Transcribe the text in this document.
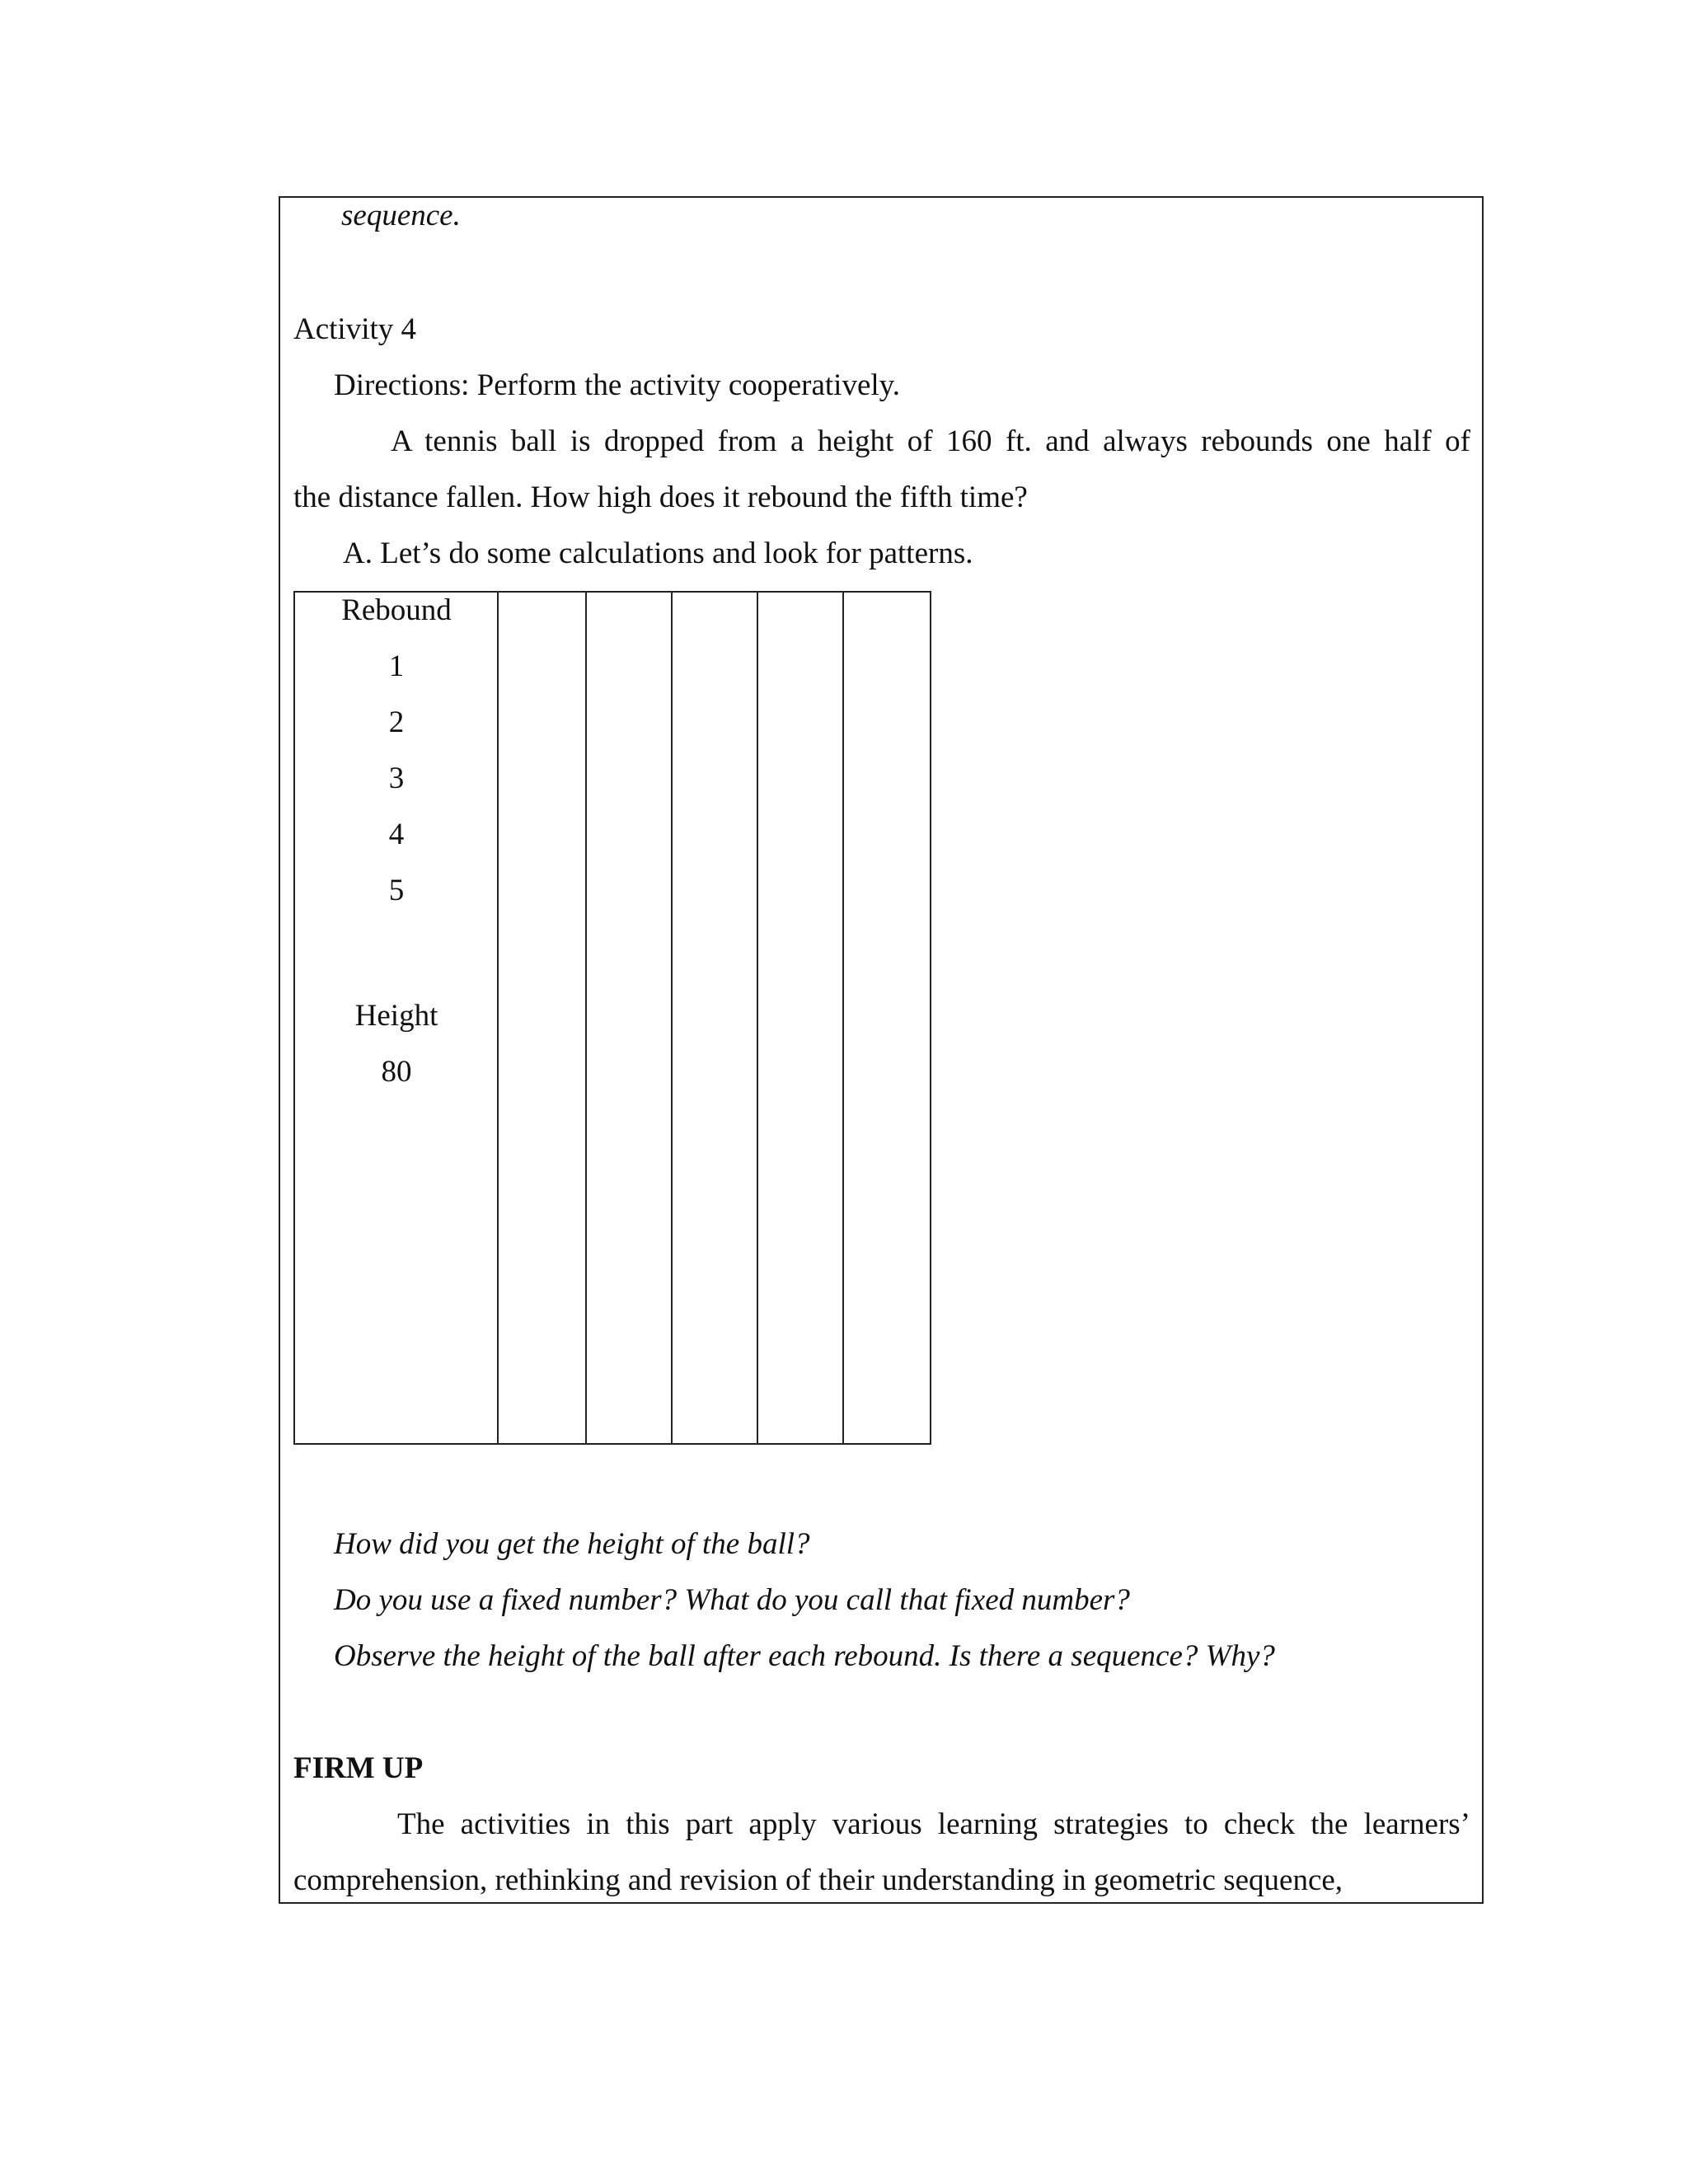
sequence.
Activity 4
Directions: Perform the activity cooperatively.
A tennis ball is dropped from a height of 160 ft. and always rebounds one half of
the distance fallen. How high does it rebound the fifth time?
A. Let’s do some calculations and look for patterns.
Rebound
1
2
3
4
5
Height
80
How did you get the height of the ball?
Do you use a fixed number? What do you call that fixed number?
Observe the height of the ball after each rebound. Is there a sequence? Why?
FIRM UP
The activities in this part apply various learning strategies to check the learners’
comprehension, rethinking and revision of their understanding in geometric sequence,
